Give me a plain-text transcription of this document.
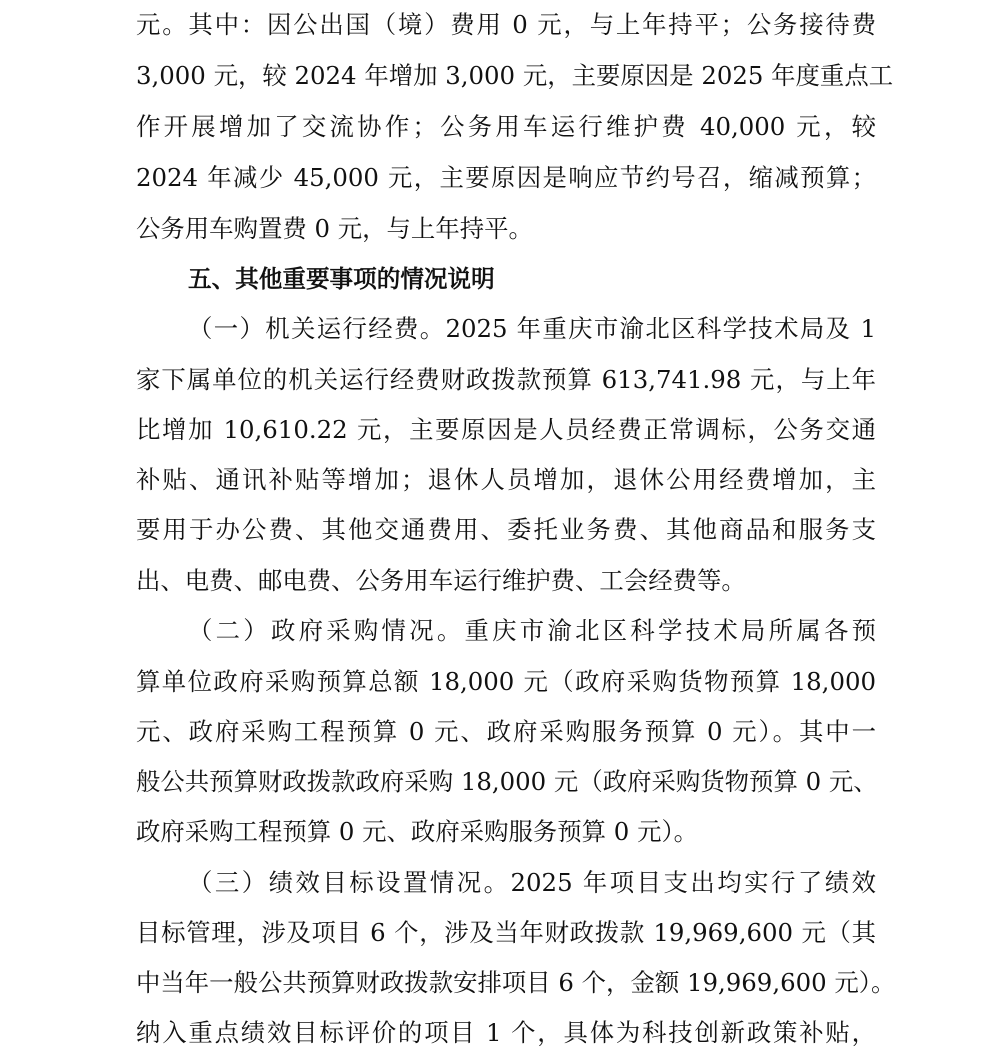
元。其中：因公出国（境）费用 0 元，与上年持平；公务接待费
3,000 元，较 2024 年增加 3,000 元，主要原因是 2025 年度重点工
作开展增加了交流协作；公务用车运行维护费 40,000 元，较
2024 年减少 45,000 元，主要原因是响应节约号召，缩减预算；
公务用车购置费 0 元，与上年持平。
五、其他重要事项的情况说明
（一）机关运行经费。2025 年重庆市渝北区科学技术局及 1
家下属单位的机关运行经费财政拨款预算 613,741.98 元，与上年
比增加 10,610.22 元，主要原因是人员经费正常调标，公务交通
补贴、通讯补贴等增加；退休人员增加，退休公用经费增加，主
要用于办公费、其他交通费用、委托业务费、其他商品和服务支
出、电费、邮电费、公务用车运行维护费、工会经费等。
（二）政府采购情况。重庆市渝北区科学技术局所属各预
算单位政府采购预算总额 18,000 元（政府采购货物预算 18,000
元、政府采购工程预算 0 元、政府采购服务预算 0 元）。其中一
般公共预算财政拨款政府采购 18,000 元（政府采购货物预算 0 元、
政府采购工程预算 0 元、政府采购服务预算 0 元）。
（三）绩效目标设置情况。2025 年项目支出均实行了绩效
目标管理，涉及项目 6 个，涉及当年财政拨款 19,969,600 元（其
中当年一般公共预算财政拨款安排项目 6 个，金额 19,969,600 元）。
纳入重点绩效目标评价的项目 1 个，具体为科技创新政策补贴，
